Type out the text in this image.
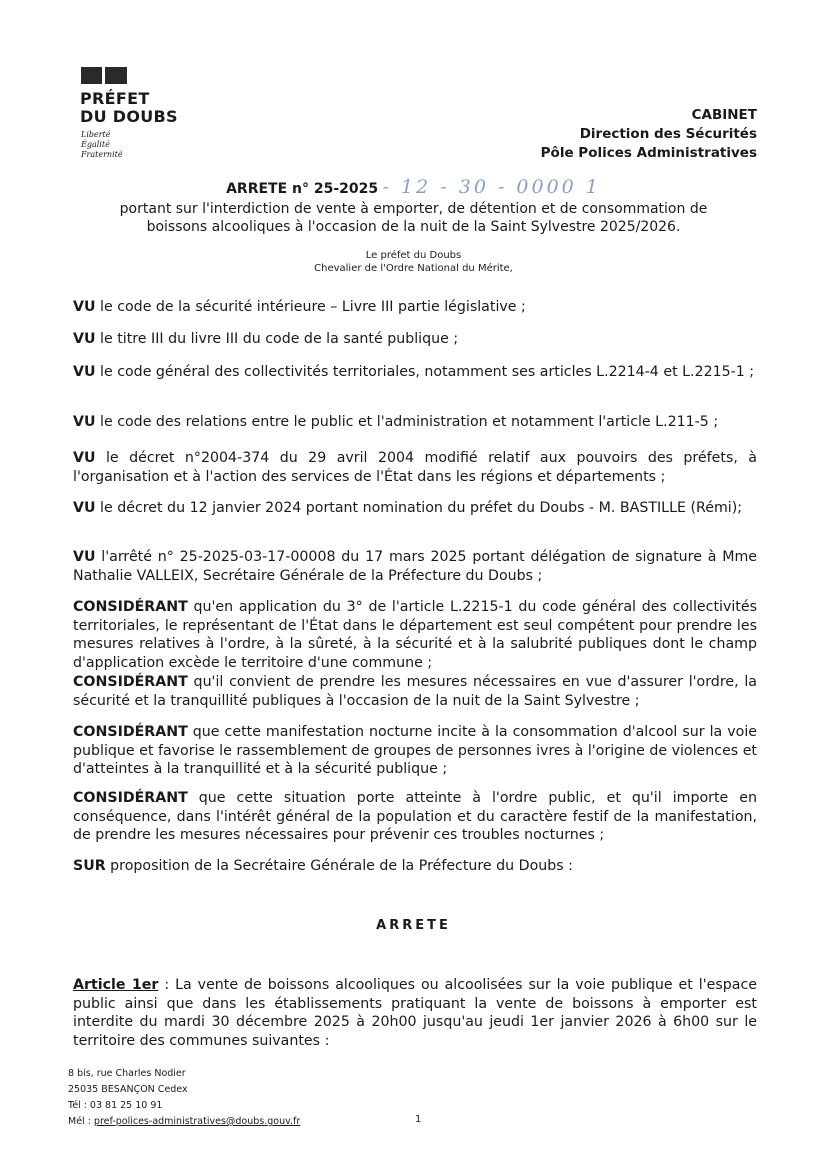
PRÉFET
DU DOUBS
Liberté
Égalité
Fraternité
CABINET
Direction des Sécurités
Pôle Polices Administratives
ARRETE n° 25-2025 - 12 - 30 - 0000 1
portant sur l'interdiction de vente à emporter, de détention et de consommation de
boissons alcooliques à l'occasion de la nuit de la Saint Sylvestre 2025/2026.
Le préfet du Doubs
Chevalier de l'Ordre National du Mérite,
VU le code de la sécurité intérieure – Livre III partie législative ;
VU le titre III du livre III du code de la santé publique ;
VU le code général des collectivités territoriales, notamment ses articles L.2214-4 et L.2215-1 ;
VU le code des relations entre le public et l'administration et notamment l'article L.211-5 ;
VU le décret n°2004-374 du 29 avril 2004 modifié relatif aux pouvoirs des préfets, à l'organisation et à l'action des services de l'État dans les régions et départements ;
VU le décret du 12 janvier 2024 portant nomination du préfet du Doubs - M. BASTILLE (Rémi);
VU l'arrêté n° 25-2025-03-17-00008 du 17 mars 2025 portant délégation de signature à Mme Nathalie VALLEIX, Secrétaire Générale de la Préfecture du Doubs ;
CONSIDÉRANT qu'en application du 3° de l'article L.2215-1 du code général des collectivités territoriales, le représentant de l'État dans le département est seul compétent pour prendre les mesures relatives à l'ordre, à la sûreté, à la sécurité et à la salubrité publiques dont le champ d'application excède le territoire d'une commune ;
CONSIDÉRANT qu'il convient de prendre les mesures nécessaires en vue d'assurer l'ordre, la sécurité et la tranquillité publiques à l'occasion de la nuit de la Saint Sylvestre ;
CONSIDÉRANT que cette manifestation nocturne incite à la consommation d'alcool sur la voie publique et favorise le rassemblement de groupes de personnes ivres à l'origine de violences et d'atteintes à la tranquillité et à la sécurité publique ;
CONSIDÉRANT que cette situation porte atteinte à l'ordre public, et qu'il importe en conséquence, dans l'intérêt général de la population et du caractère festif de la manifestation, de prendre les mesures nécessaires pour prévenir ces troubles nocturnes ;
SUR proposition de la Secrétaire Générale de la Préfecture du Doubs :
ARRETE
Article 1er : La vente de boissons alcooliques ou alcoolisées sur la voie publique et l'espace public ainsi que dans les établissements pratiquant la vente de boissons à emporter est interdite du mardi 30 décembre 2025 à 20h00 jusqu'au jeudi 1er janvier 2026 à 6h00 sur le territoire des communes suivantes :
8 bis, rue Charles Nodier
25035 BESANÇON Cedex
Tél : 03 81 25 10 91
Mél : pref-polices-administratives@doubs.gouv.fr	1
